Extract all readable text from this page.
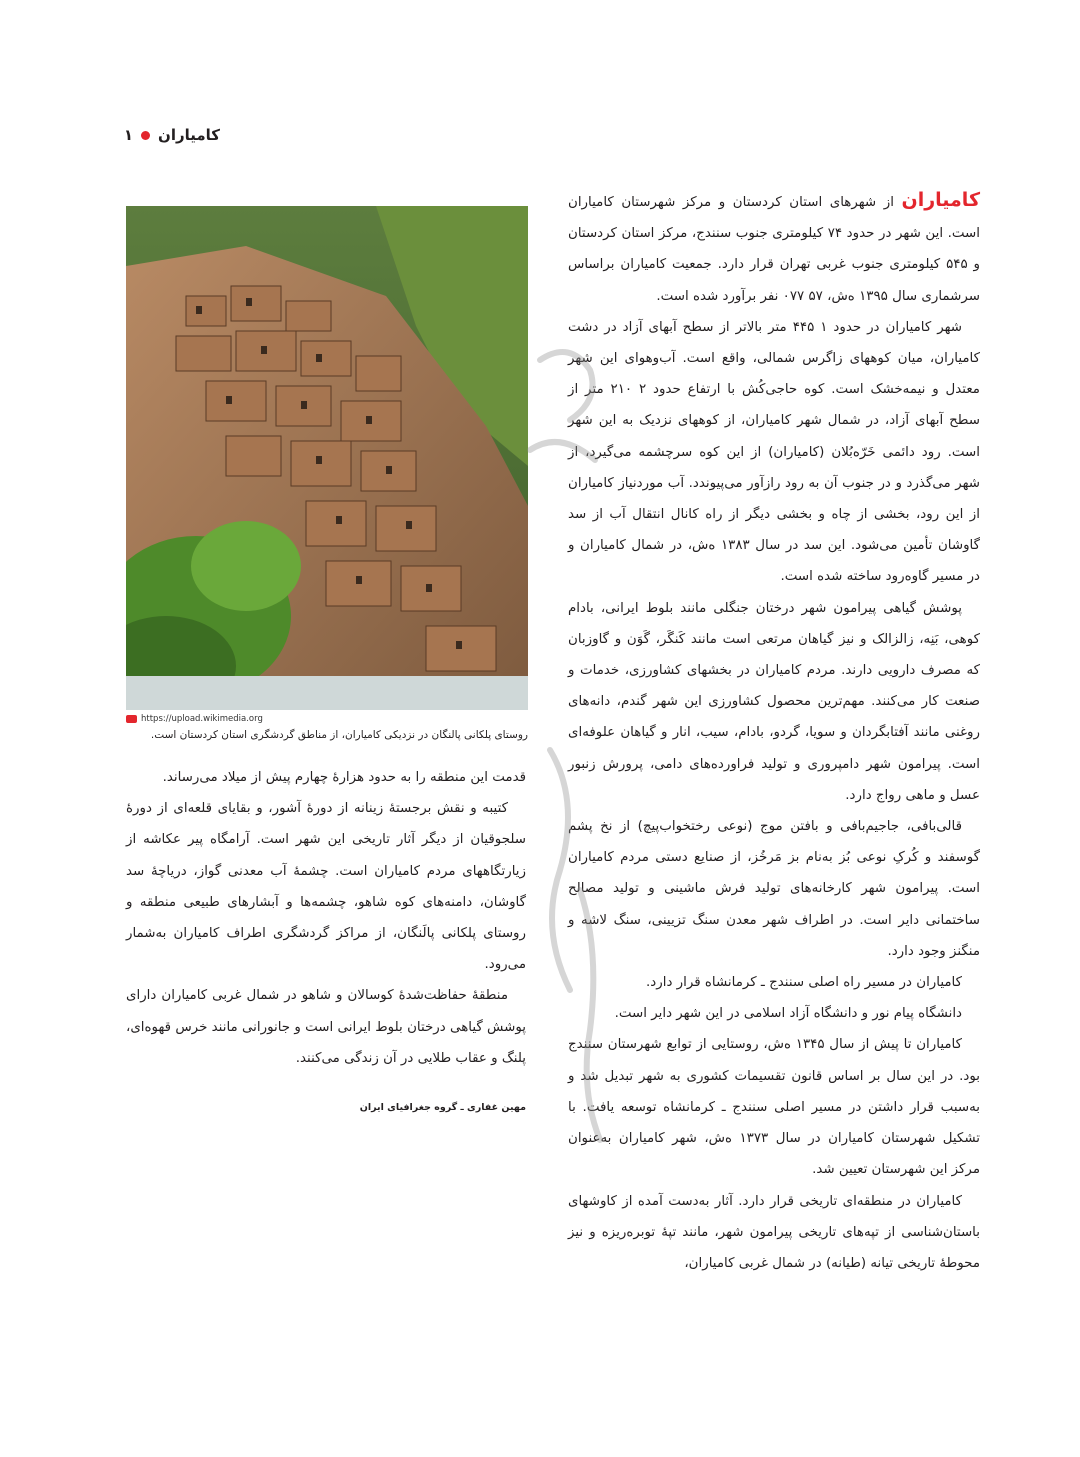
کامیاران
۱
https://upload.wikimedia.org
روستای پلکانی پالنگان در نزدیکی کامیاران، از مناطق گردشگری استان کردستان است.

کامیاران از شهرهای استان کردستان و مرکز شهرستان کامیاران است. این شهر در حدود ۷۴ کیلومتری جنوب سنندج، مرکز استان کردستان و ۵۴۵ کیلومتری جنوب غربی تهران قرار دارد. جمعیت کامیاران براساس سرشماری سال ۱۳۹۵ ه‌ش، ۵۷ ۰۷۷ نفر برآورد شده است.

شهر کامیاران در حدود ۱ ۴۴۵ متر بالاتر از سطح آبهای آزاد در دشت کامیاران، میان کوههای زاگرس شمالی، واقع است. آب‌وهوای این شهر معتدل و نیمه‌خشک است. کوه حاجی‌کُش با ارتفاع حدود ۲ ۲۱۰ متر از سطح آبهای آزاد، در شمال شهر کامیاران، از کوههای نزدیک به این شهر است. رود دائمی خَرّه‌بُلان (کامیاران) از این کوه سرچشمه می‌گیرد، از شهر می‌گذرد و در جنوب آن به رود رازآور می‌پیوندد. آب موردنیاز کامیاران از این رود، بخشی از چاه و بخشی دیگر از راه کانال انتقال آب از سد گاوشان تأمین می‌شود. این سد در سال ۱۳۸۳ ه‌ش، در شمال کامیاران و در مسیر گاوه‌رود ساخته شده است.

پوشش گیاهی پیرامون شهر درختان جنگلی مانند بلوط ایرانی، بادام کوهی، بَنِه، زالزالک و نیز گیاهان مرتعی است مانند کَنگَر، گَوَن و گاوزبان که مصرف دارویی دارند. مردم کامیاران در بخشهای کشاورزی، خدمات و صنعت کار می‌کنند. مهم‌ترین محصول کشاورزی این شهر گندم، دانه‌های روغنی مانند آفتابگردان و سویا، گردو، بادام، سیب، انار و گیاهان علوفه‌ای است. پیرامون شهر دامپروری و تولید فراورده‌های دامی، پرورش زنبور عسل و ماهی رواج دارد.

قالی‌بافی، جاجیم‌بافی و بافتن موج (نوعی رختخواب‌پیچ) از نخ پشم گوسفند و کُرکِ نوعی بُز به‌نام بز مَرخُز، از صنایع دستی مردم کامیاران است. پیرامون شهر کارخانه‌های تولید فرش ماشینی و تولید مصالح ساختمانی دایر است. در اطراف شهر معدن سنگ تزیینی، سنگ لاشه و منگنز وجود دارد.

کامیاران در مسیر راه اصلی سنندج ـ کرمانشاه قرار دارد.

دانشگاه پیام نور و دانشگاه آزاد اسلامی در این شهر دایر است.

کامیاران تا پیش از سال ۱۳۴۵ ه‌ش، روستایی از توابع شهرستان سنندج بود. در این سال بر اساس قانون تقسیمات کشوری به شهر تبدیل شد و به‌سبب قرار داشتن در مسیر اصلی سنندج ـ کرمانشاه توسعه یافت. با تشکیل شهرستان کامیاران در سال ۱۳۷۳ ه‌ش، شهر کامیاران به‌عنوان مرکز این شهرستان تعیین شد.

کامیاران در منطقه‌ای تاریخی قرار دارد. آثار به‌دست آمده از کاوشهای باستان‌شناسی از تپه‌های تاریخی پیرامون شهر، مانند تپهٔ توبره‌ریزه و نیز محوطهٔ تاریخی تیانه (طیانه) در شمال غربی کامیاران،

قدمت این منطقه را به حدود هزارهٔ چهارم پیش از میلاد می‌رساند.

کتیبه و نقش برجستهٔ زینانه از دورهٔ آشور، و بقایای قلعه‌ای از دورهٔ سلجوقیان از دیگر آثار تاریخی این شهر است. آرامگاه پیر عکاشه از زیارتگاههای مردم کامیاران است. چشمهٔ آب معدنی گواز، دریاچهٔ سد گاوشان، دامنه‌های کوه شاهو، چشمه‌ها و آبشارهای طبیعی منطقه و روستای پلکانی پالَنگان، از مراکز گردشگری اطراف کامیاران به‌شمار می‌رود.

منطقهٔ حفاظت‌شدهٔ کوسالان و شاهو در شمال غربی کامیاران دارای پوشش گیاهی درختان بلوط ایرانی است و جانورانی مانند خرس قهوه‌ای، پلنگ و عقاب طلایی در آن زندگی می‌کنند.

مهین غفاری ـ گروه جغرافیای ایران
